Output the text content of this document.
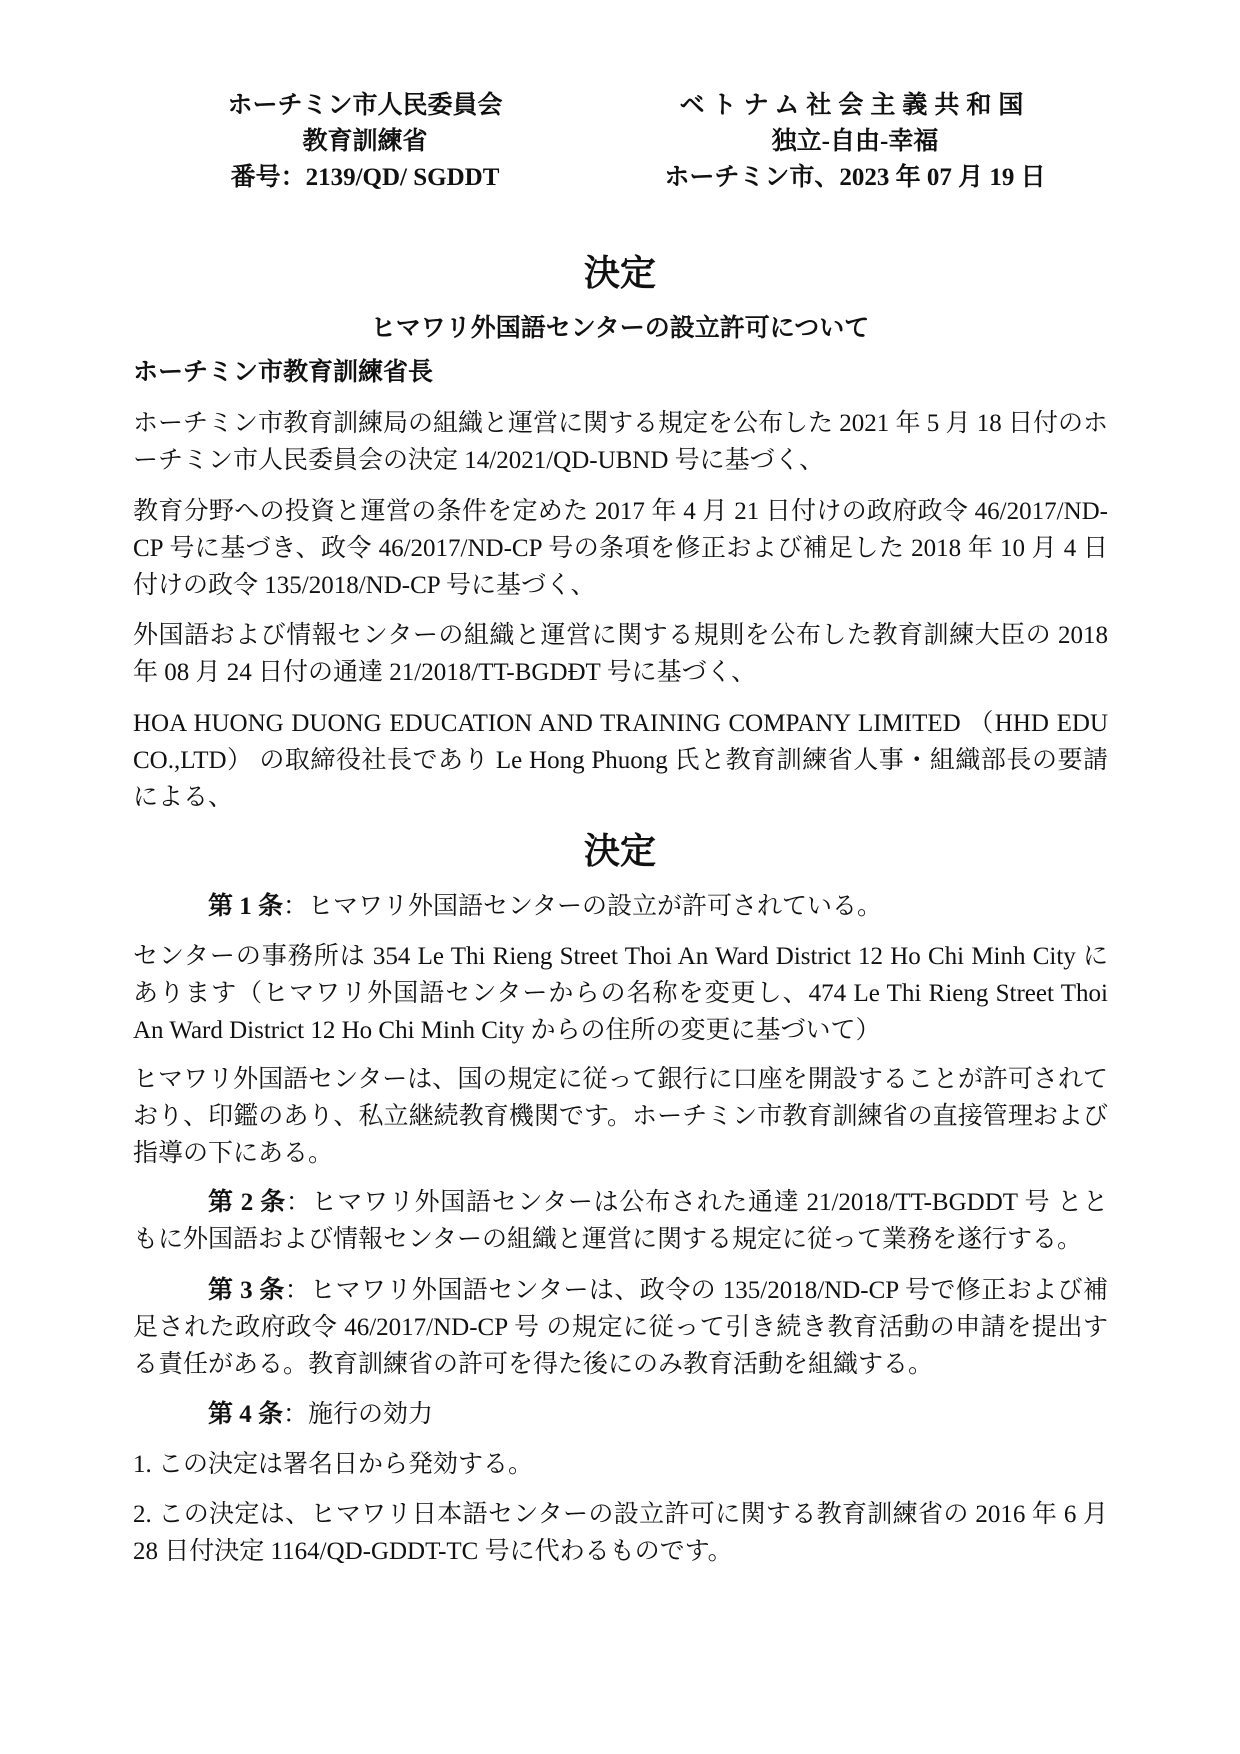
ホーチミン市人民委員会
教育訓練省
番号：2139/QD/ SGDDT
ベトナム社会主義共和国
独立-自由-幸福
ホーチミン市、2023 年 07 月 19 日
決定
ヒマワリ外国語センターの設立許可について

ホーチミン市教育訓練省長

ホーチミン市教育訓練局の組織と運営に関する規定を公布した 2021 年 5 月 18 日付のホーチミン市人民委員会の決定 14/2021/QD-UBND 号に基づく、

教育分野への投資と運営の条件を定めた 2017 年 4 月 21 日付けの政府政令 46/2017/ND-CP 号に基づき、政令 46/2017/ND-CP 号の条項を修正および補足した 2018 年 10 月 4 日付けの政令 135/2018/ND-CP 号に基づく、

外国語および情報センターの組織と運営に関する規則を公布した教育訓練大臣の 2018 年 08 月 24 日付の通達 21/2018/TT-BGDĐT 号に基づく、

HOA HUONG DUONG EDUCATION AND TRAINING COMPANY LIMITED （HHD EDU CO.,LTD） の取締役社長であり Le Hong Phuong 氏と教育訓練省人事・組織部長の要請による、

決定

第 1 条：ヒマワリ外国語センターの設立が許可されている。

センターの事務所は 354 Le Thi Rieng Street Thoi An Ward District 12 Ho Chi Minh City にあります（ヒマワリ外国語センターからの名称を変更し、474 Le Thi Rieng Street Thoi An Ward District 12 Ho Chi Minh City からの住所の変更に基づいて）

ヒマワリ外国語センターは、国の規定に従って銀行に口座を開設することが許可されており、印鑑のあり、私立継続教育機関です。ホーチミン市教育訓練省の直接管理および指導の下にある。

第 2 条：ヒマワリ外国語センターは公布された通達 21/2018/TT-BGDDT 号 とともに外国語および情報センターの組織と運営に関する規定に従って業務を遂行する。

第 3 条：ヒマワリ外国語センターは、政令の 135/2018/ND-CP 号で修正および補足された政府政令 46/2017/ND-CP 号 の規定に従って引き続き教育活動の申請を提出する責任がある。教育訓練省の許可を得た後にのみ教育活動を組織する。

第 4 条：施行の効力

1. この決定は署名日から発効する。

2. この決定は、ヒマワリ日本語センターの設立許可に関する教育訓練省の 2016 年 6 月 28 日付決定 1164/QD-GDDT-TC 号に代わるものです。
